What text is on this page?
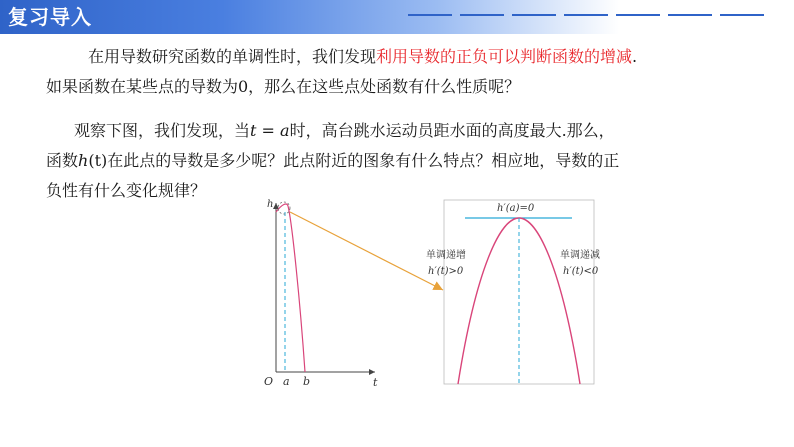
复习导入
在用导数研究函数的单调性时，我们发现利用导数的正负可以判断函数的增减.
如果函数在某些点的导数为0，那么在这些点处函数有什么性质呢？
观察下图，我们发现，当t = a时，高台跳水运动员距水面的高度最大.那么，
函数h(t)在此点的导数是多少呢？此点附近的图象有什么特点？相应地，导数的正
负性有什么变化规律？
h
t
O a b
h′(a)=0
单调递增
h′(t)>0
单调递减
h′(t)<0
